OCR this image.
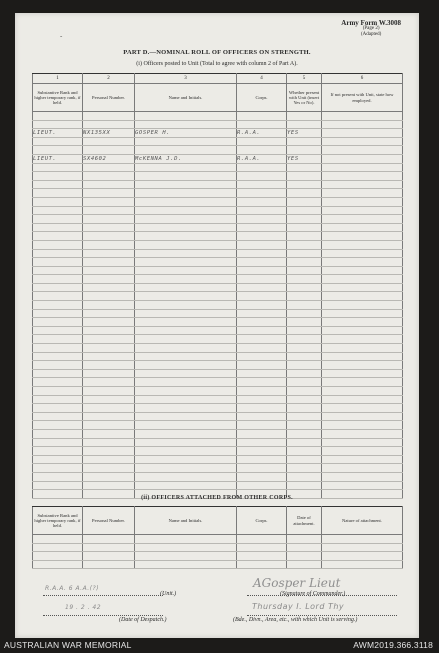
-
Army Form W.3008
(Page 2)
(Adapted)
PART D.—NOMINAL ROLL OF OFFICERS ON STRENGTH.
(i) Officers posted to Unit (Total to agree with column 2 of Part A).
1	2	3	4	5	6
Substantive Rank and higher temporary rank, if held.	Personal Number.	Name and Initials.	Corps.	Whether present with Unit (insert Yes or No).	If not present with Unit, state how employed.

LIEUT.	NX135XX	GOSPER H.	R.A.A.	YES	

LIEUT.	SX4602	McKENNA J.D.	R.A.A.	YES	

(ii) OFFICERS ATTACHED FROM OTHER CORPS.
Substantive Rank and higher temporary rank, if held.	Personal Number.	Name and Initials.	Corps.	Date of attachment.	Nature of attachment.

R.A.A. 6 A.A.(?)
(Unit.)
AGosper Lieut
(Signature of Commander.)
19 . 2 . 42
(Date of Despatch.)
Thursday I. Lord Thy
(Bde., Divn., Area, etc., with which Unit is serving.)
AUSTRALIAN WAR MEMORIAL	AWM2019.366.3118
